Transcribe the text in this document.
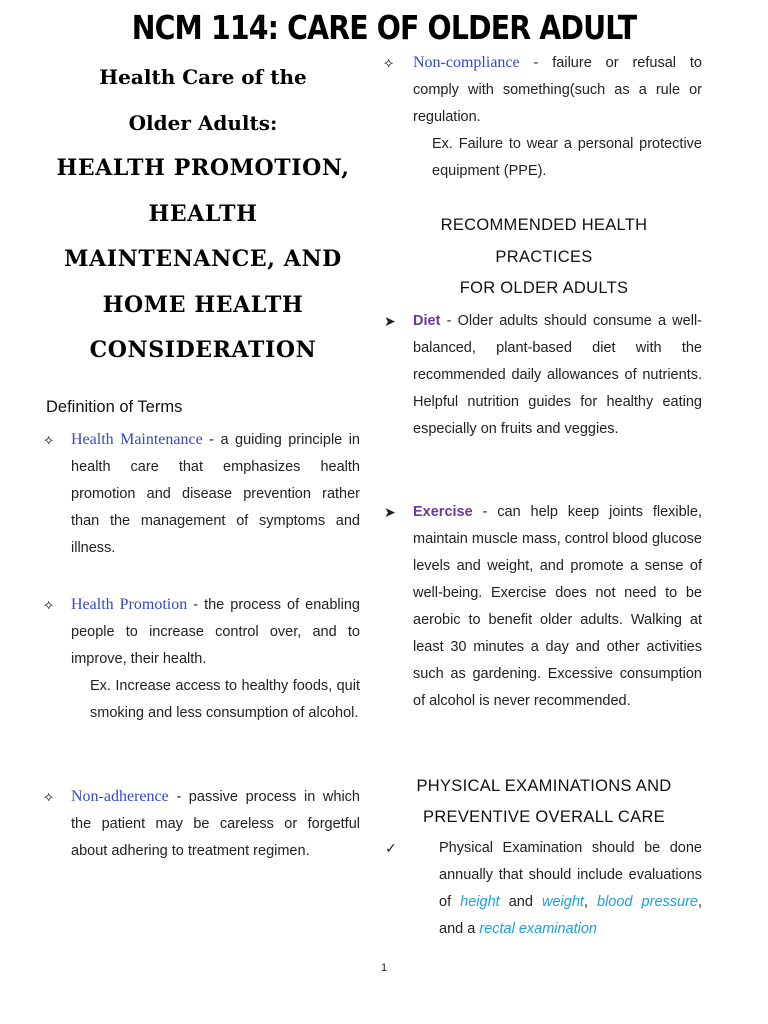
NCM 114: CARE OF OLDER ADULT
Health Care of the
Older Adults:
HEALTH PROMOTION,
HEALTH
MAINTENANCE, AND
HOME HEALTH
CONSIDERATION
Definition of Terms
⟡	Health Maintenance - a guiding principle in health care that emphasizes health promotion and disease prevention rather than the management of symptoms and illness.
⟡	Health Promotion - the process of enabling people to increase control over, and to improve, their health.
Ex. Increase access to healthy foods, quit smoking and less consumption of alcohol.
⟡	Non-adherence - passive process in which the patient may be careless or forgetful about adhering to treatment regimen.
⟡	Non-compliance - failure or refusal to comply with something(such as a rule or regulation.
Ex. Failure to wear a personal protective equipment (PPE).
RECOMMENDED HEALTH
PRACTICES
FOR OLDER ADULTS
➤	Diet - Older adults should consume a well-balanced, plant-based diet with the recommended daily allowances of nutrients. Helpful nutrition guides for healthy eating especially on fruits and veggies.
➤	Exercise - can help keep joints flexible, maintain muscle mass, control blood glucose levels and weight, and promote a sense of well-being. Exercise does not need to be aerobic to benefit older adults. Walking at least 30 minutes a day and other activities such as gardening. Excessive consumption of alcohol is never recommended.
PHYSICAL EXAMINATIONS AND
PREVENTIVE OVERALL CARE
✓	Physical Examination should be done annually that should include evaluations of height and weight, blood pressure, and a rectal examination
1
